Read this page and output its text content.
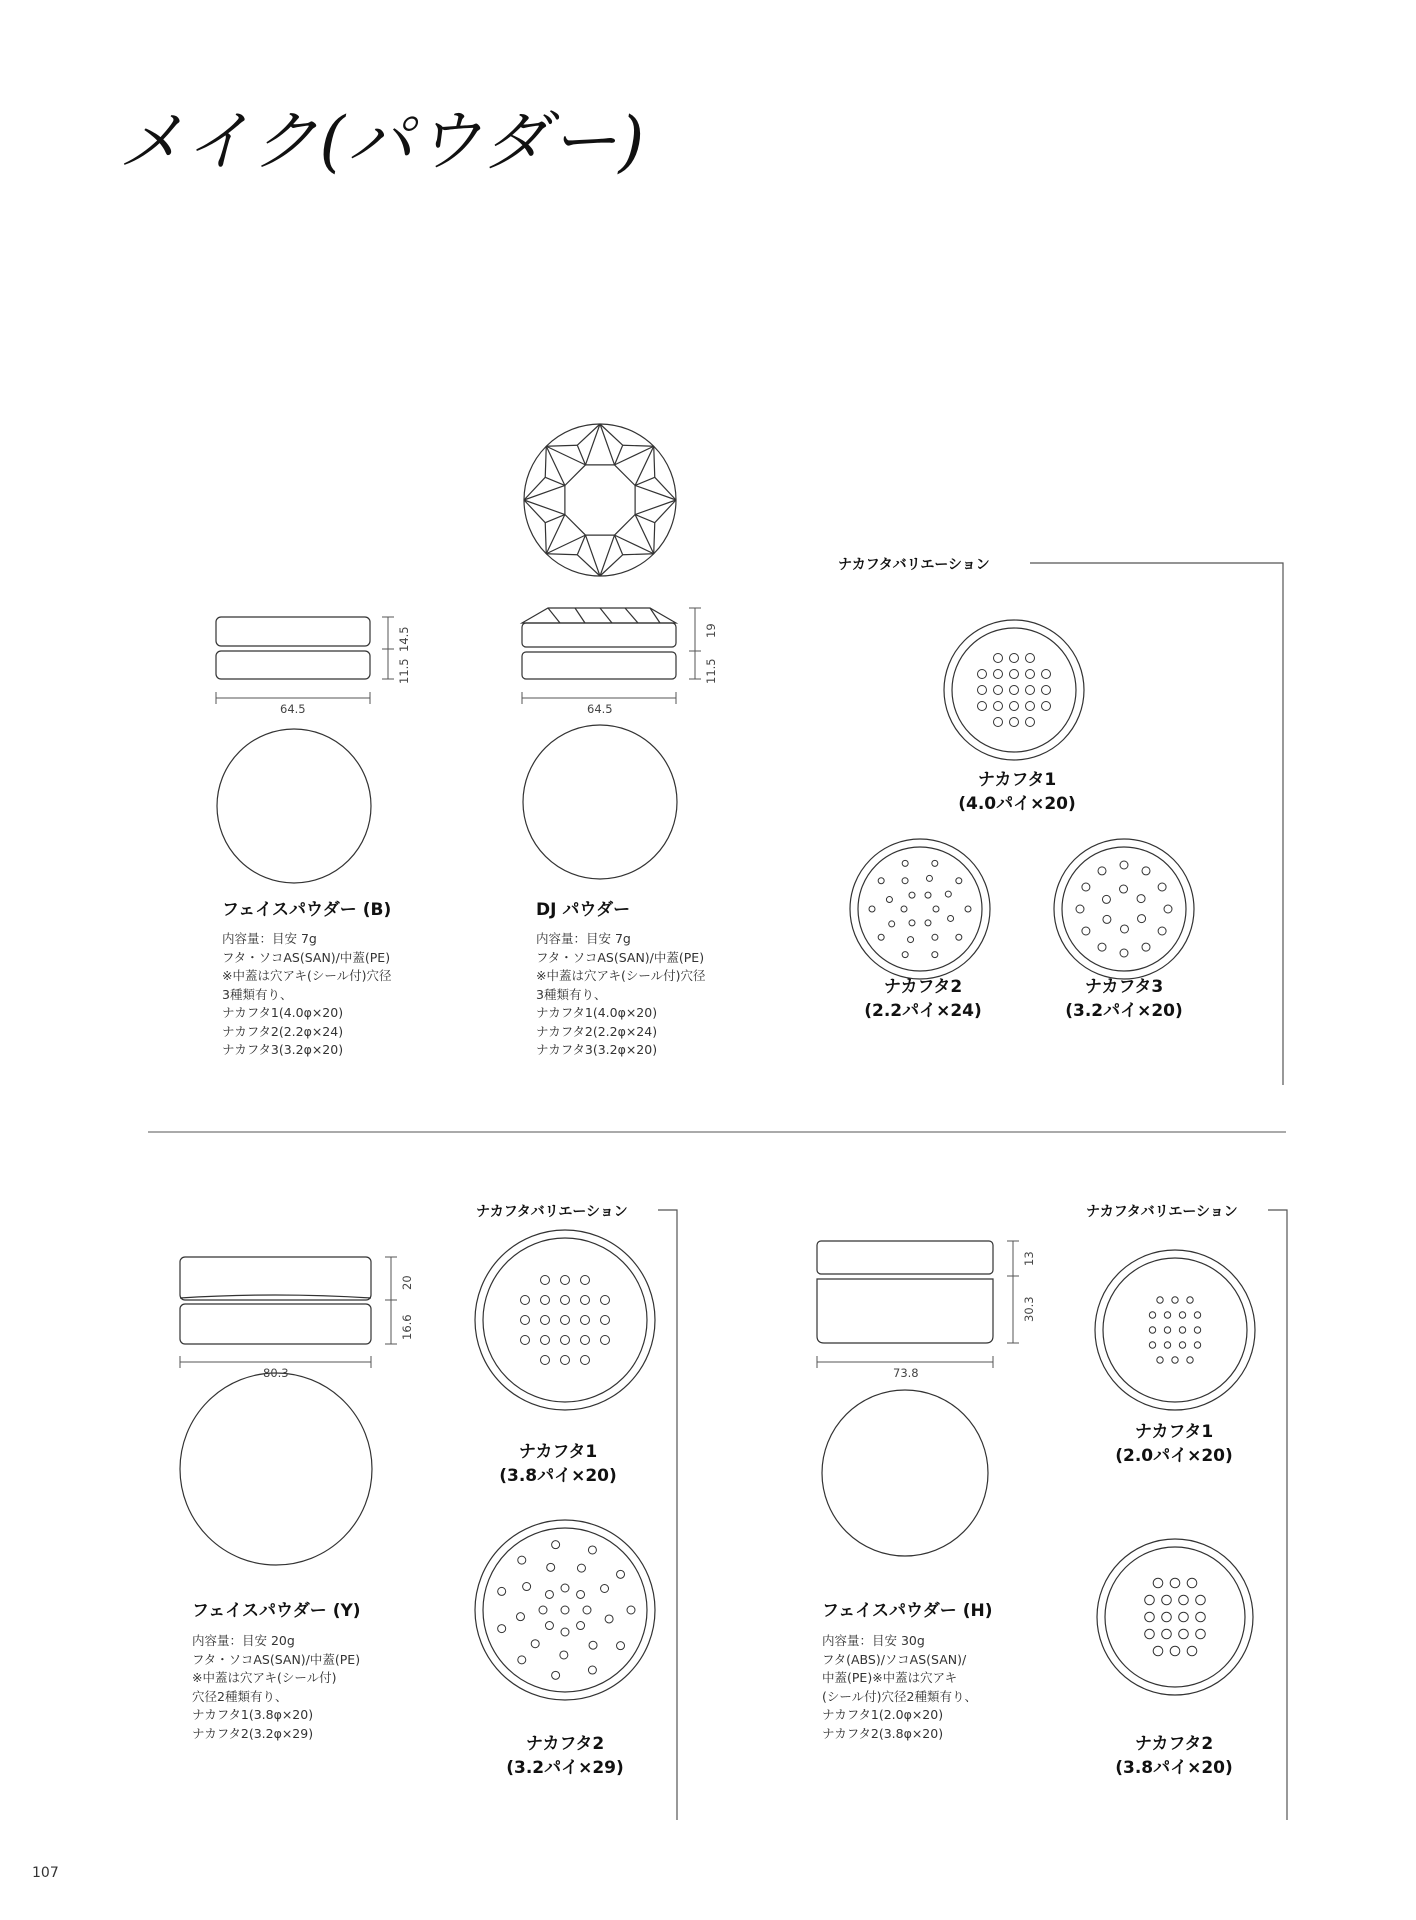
メイク(パウダー)
64.5
14.5
11.5
64.5
19
11.5
80.3
20
16.6
73.8
13
30.3
フェイスパウダー (B)
内容量：目安 7g
フタ・ソコAS(SAN)/中蓋(PE)
※中蓋は穴アキ(シール付)穴径
3種類有り、
ナカフタ1(4.0φ×20)
ナカフタ2(2.2φ×24)
ナカフタ3(3.2φ×20)
DJ パウダー
内容量：目安 7g
フタ・ソコAS(SAN)/中蓋(PE)
※中蓋は穴アキ(シール付)穴径
3種類有り、
ナカフタ1(4.0φ×20)
ナカフタ2(2.2φ×24)
ナカフタ3(3.2φ×20)
フェイスパウダー (Y)
内容量：目安 20g
フタ・ソコAS(SAN)/中蓋(PE)
※中蓋は穴アキ(シール付)
穴径2種類有り、
ナカフタ1(3.8φ×20)
ナカフタ2(3.2φ×29)
フェイスパウダー (H)
内容量：目安 30g
フタ(ABS)/ソコAS(SAN)/
中蓋(PE)※中蓋は穴アキ
(シール付)穴径2種類有り、
ナカフタ1(2.0φ×20)
ナカフタ2(3.8φ×20)
ナカフタバリエーション
ナカフタバリエーション	ナカフタバリエーション
ナカフタ1
(4.0パイ×20)
ナカフタ2
(2.2パイ×24)
ナカフタ3
(3.2パイ×20)
ナカフタ1
(3.8パイ×20)
ナカフタ2
(3.2パイ×29)
ナカフタ1
(2.0パイ×20)
ナカフタ2
(3.8パイ×20)
107
